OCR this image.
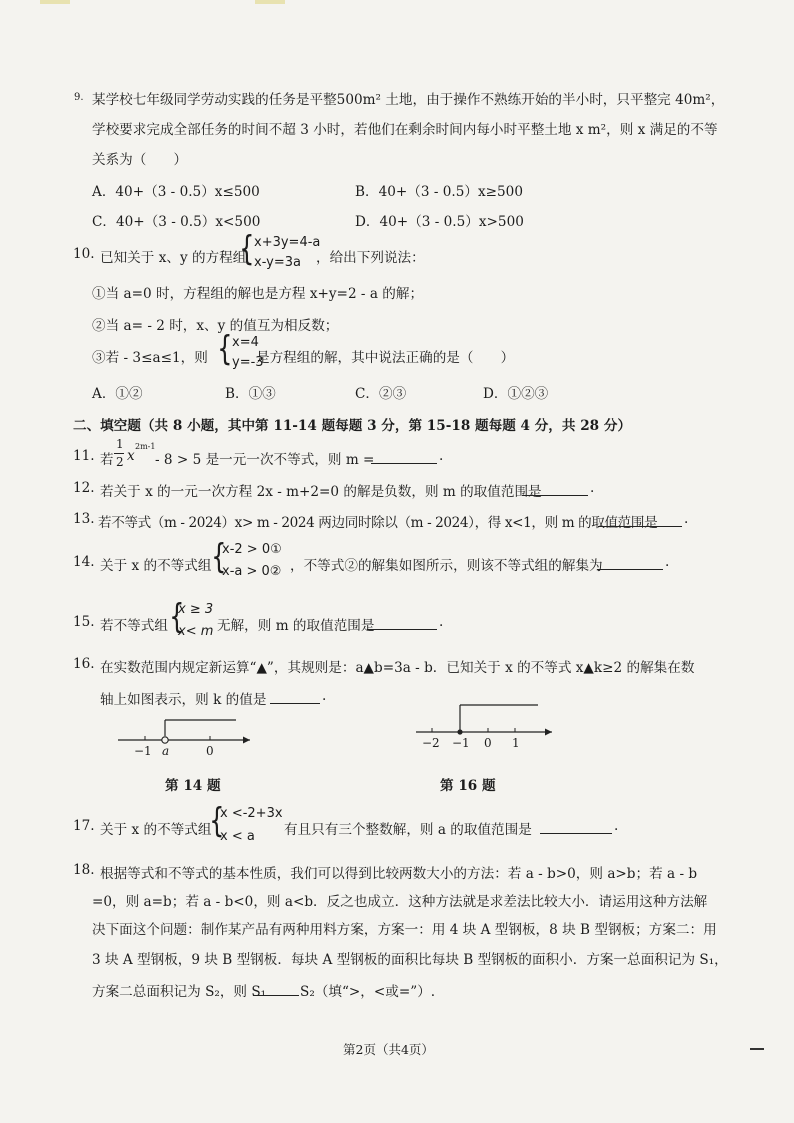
9. 某学校七年级同学劳动实践的任务是平整500m² 土地，由于操作不熟练开始的半小时，只平整完 40m²，
学校要求完成全部任务的时间不超 3 小时，若他们在剩余时间内每小时平整土地 x m²，则 x 满足的不等
关系为（　　）
A．40+（3 - 0.5）x≤500	B．40+（3 - 0.5）x≥500
C．40+（3 - 0.5）x<500	D．40+（3 - 0.5）x>500
10. 已知关于 x、y 的方程组
{ x+3y=4-a
x-y=3a ，给出下列说法：
①当 a=0 时，方程组的解也是方程 x+y=2 - a 的解；
②当 a= - 2 时，x、y 的值互为相反数；
③若 - 3≤a≤1，则 { x=4
y=-3
是方程组的解，其中说法正确的是（　　）
A．①②	B．①③	C．②③	D．①②③
二、填空题（共 8 小题，其中第 11-14 题每题 3 分，第 15-18 题每题 4 分，共 28 分）
11. 若
1
2 x
2m-1
- 8 > 5 是一元一次不等式，则 m =	.
12. 若关于 x 的一元一次方程 2x - m+2=0 的解是负数，则 m 的取值范围是	.
13. 若不等式（m - 2024）x> m - 2024 两边同时除以（m - 2024），得 x<1，则 m 的取值范围是 .
14. 关于 x 的不等式组 {
x-2 > 0①
x-a > 0② ，不等式②的解集如图所示，则该不等式组的解集为	.
15. 若不等式组 {
x ≥ 3
x< m 无解，则 m 的取值范围是	.
16. 在实数范围内规定新运算“▲”，其规则是：a▲b=3a - b．已知关于 x 的不等式 x▲k≥2 的解集在数
轴上如图表示，则 k 的值是	.
−1 a	0
第 14 题
−2 −1 0 1
第 16 题
17. 关于 x 的不等式组
{
x <-2+3x
x < a 有且只有三个整数解，则 a 的取值范围是	.
18. 根据等式和不等式的基本性质，我们可以得到比较两数大小的方法：若 a - b>0，则 a>b；若 a - b
=0，则 a=b；若 a - b<0，则 a<b．反之也成立．这种方法就是求差法比较大小．请运用这种方法解
决下面这个问题：制作某产品有两种用料方案，方案一：用 4 块 A 型钢板，8 块 B 型钢板；方案二：用
3 块 A 型钢板，9 块 B 型钢板．每块 A 型钢板的面积比每块 B 型钢板的面积小．方案一总面积记为 S₁，
方案二总面积记为 S₂，则 S₁ S₂（填“>，<或=”）.
第2页（共4页）
